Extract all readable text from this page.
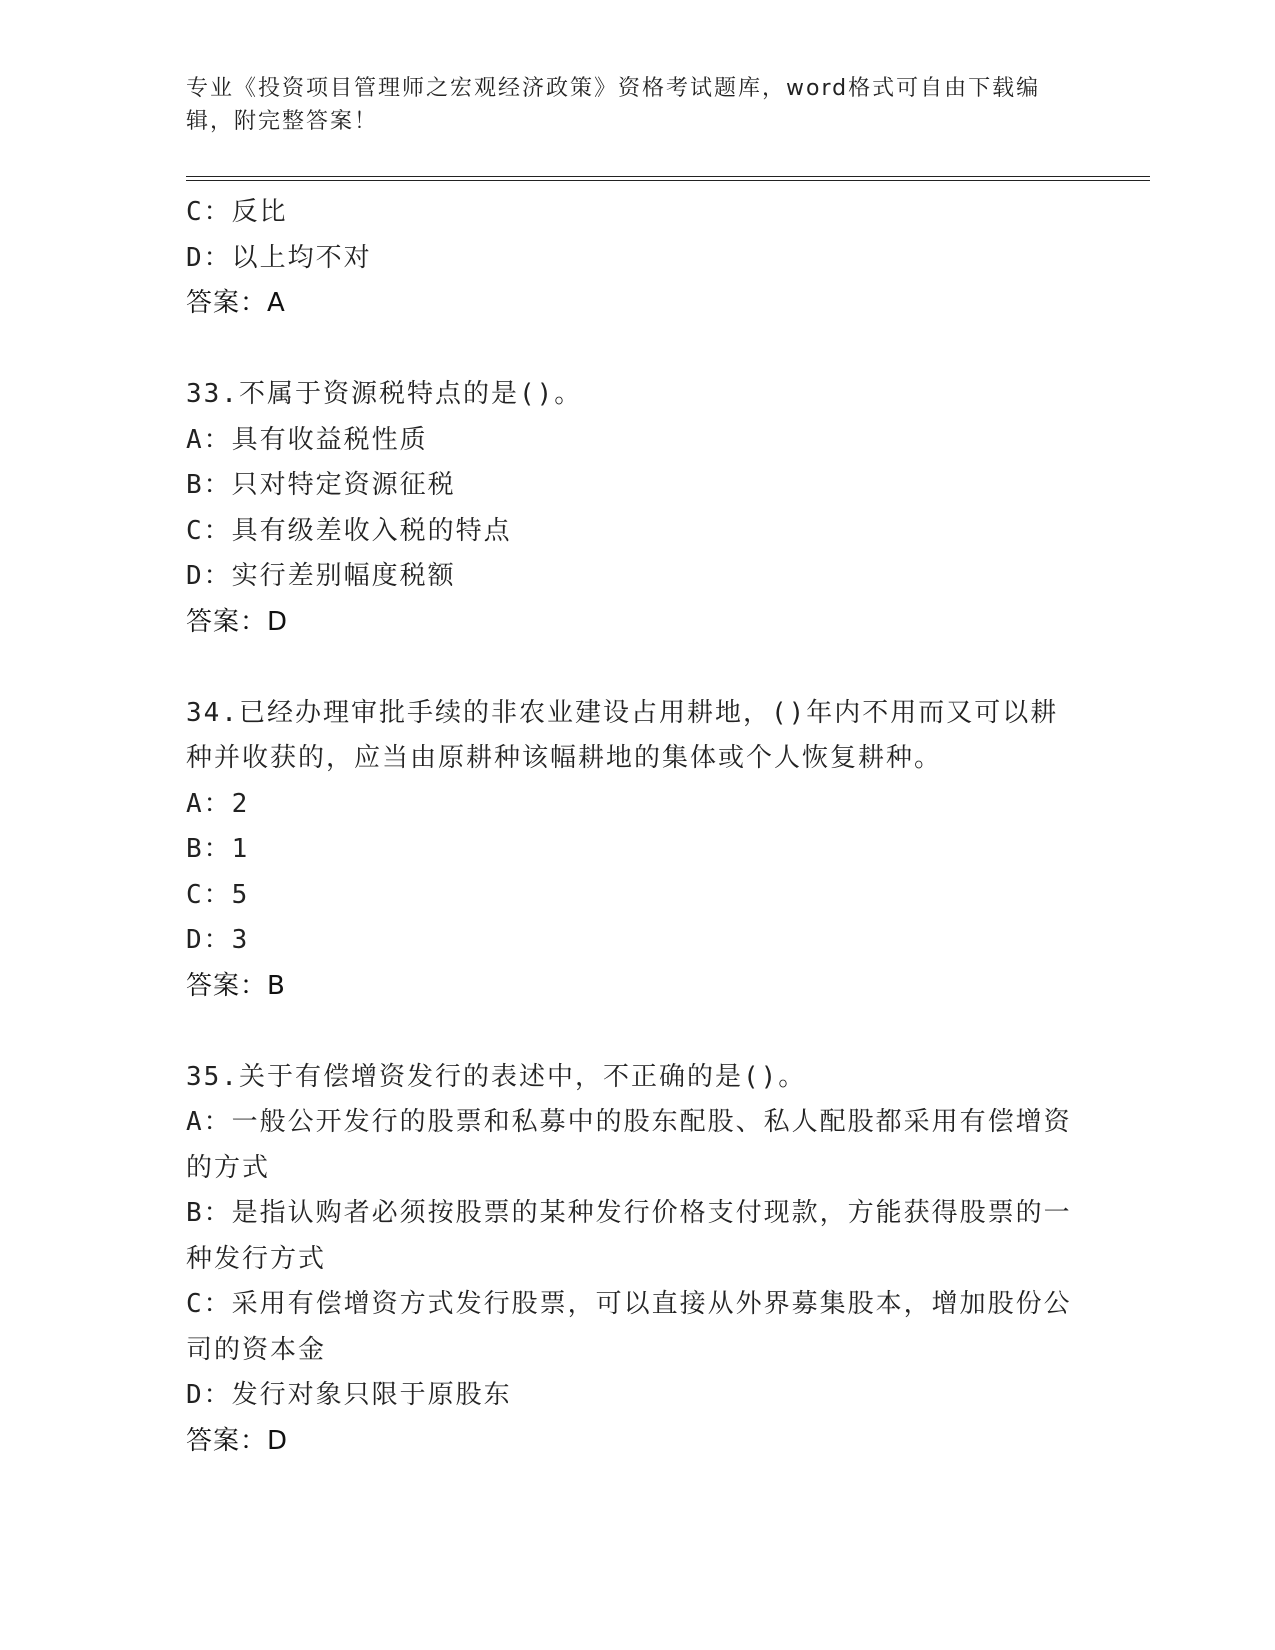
专业《投资项目管理师之宏观经济政策》资格考试题库，word格式可自由下载编辑，附完整答案！

C：反比

D：以上均不对

答案：A

33.不属于资源税特点的是()。

A：具有收益税性质

B：只对特定资源征税

C：具有级差收入税的特点

D：实行差别幅度税额

答案：D

34.已经办理审批手续的非农业建设占用耕地，()年内不用而又可以耕种并收获的，应当由原耕种该幅耕地的集体或个人恢复耕种。

A：2

B：1

C：5

D：3

答案：B

35.关于有偿增资发行的表述中，不正确的是()。

A：一般公开发行的股票和私募中的股东配股、私人配股都采用有偿增资的方式

B：是指认购者必须按股票的某种发行价格支付现款，方能获得股票的一种发行方式

C：采用有偿增资方式发行股票，可以直接从外界募集股本，增加股份公司的资本金

D：发行对象只限于原股东

答案：D
